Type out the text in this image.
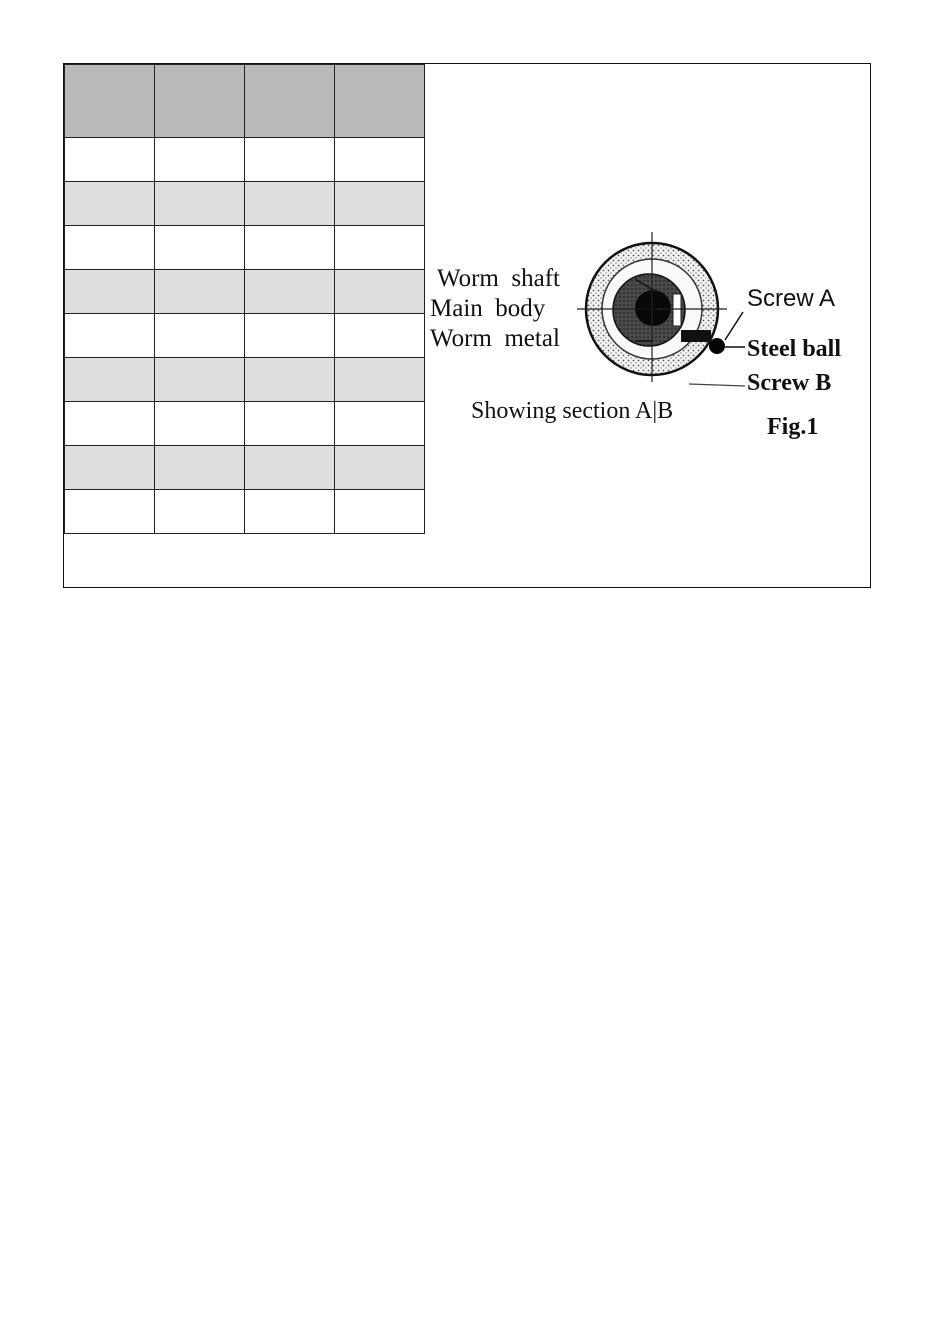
Worm  shaft
Main  body
Worm  metal
Screw A
Steel ball
Screw B
Showing section A|B
Fig.1
